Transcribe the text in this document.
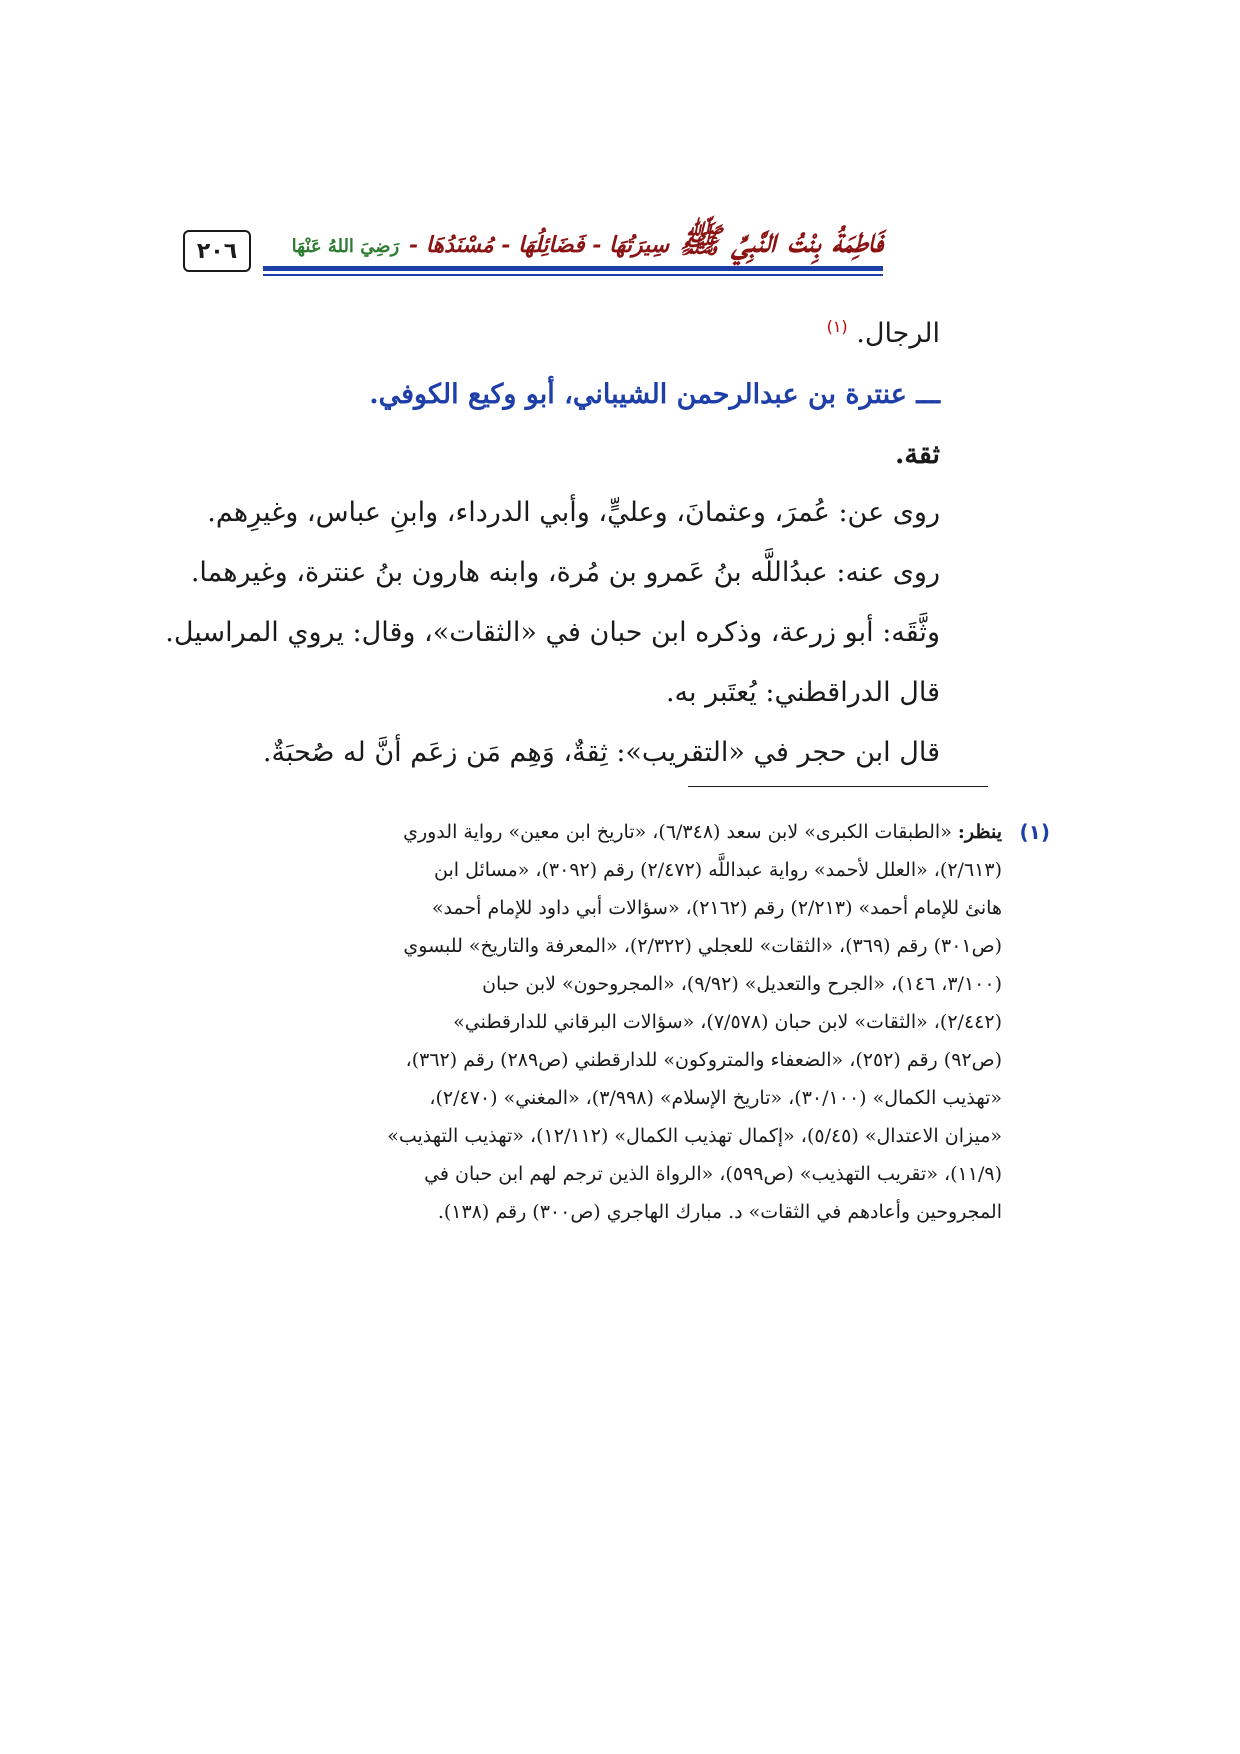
٢٠٦	فَاطِمَةُ بِنْتُ النَّبِيِّ ﷺ سِيرَتُهَا - فَضَائِلُهَا - مُسْنَدُهَا - رَضِيَ اللهُ عَنْهَا

الرجال. $^{(١)}$

ـــ عنترة بن عبدالرحمن الشيباني، أبو وكيع الكوفي.

ثقة.

روى عن: عُمرَ، وعثمانَ، وعليٍّ، وأبي الدرداء، وابنِ عباس، وغيرِهم.

روى عنه: عبدُاللَّه بنُ عَمرو بن مُرة، وابنه هارون بنُ عنترة، وغيرهما.

وثَّقَه: أبو زرعة، وذكره ابن حبان في «الثقات»، وقال: يروي المراسيل.

قال الدراقطني: يُعتَبر به.

قال ابن حجر في «التقريب»: ثِقةٌ، وَهِم مَن زعَم أنَّ له صُحبَةٌ.

(١)
ينظر: «الطبقات الكبرى» لابن سعد (٦/٣٤٨)، «تاريخ ابن معين» رواية الدوري
(٢/٦١٣)، «العلل لأحمد» رواية عبداللَّه (٢/٤٧٢) رقم (٣٠٩٢)، «مسائل ابن
هانئ للإمام أحمد» (٢/٢١٣) رقم (٢١٦٢)، «سؤالات أبي داود للإمام أحمد»
(ص٣٠١) رقم (٣٦٩)، «الثقات» للعجلي (٢/٣٢٢)، «المعرفة والتاريخ» للبسوي
(٣/١٠٠، ١٤٦)، «الجرح والتعديل» (٩/٩٢)، «المجروحون» لابن حبان
(٢/٤٤٢)، «الثقات» لابن حبان (٧/٥٧٨)، «سؤالات البرقاني للدارقطني»
(ص٩٢) رقم (٢٥٢)، «الضعفاء والمتروكون» للدارقطني (ص٢٨٩) رقم (٣٦٢)،
«تهذيب الكمال» (٣٠/١٠٠)، «تاريخ الإسلام» (٣/٩٩٨)، «المغني» (٢/٤٧٠)،
«ميزان الاعتدال» (٥/٤٥)، «إكمال تهذيب الكمال» (١٢/١١٢)، «تهذيب التهذيب»
(١١/٩)، «تقريب التهذيب» (ص٥٩٩)، «الرواة الذين ترجم لهم ابن حبان في
المجروحين وأعادهم في الثقات» د. مبارك الهاجري (ص٣٠٠) رقم (١٣٨).
